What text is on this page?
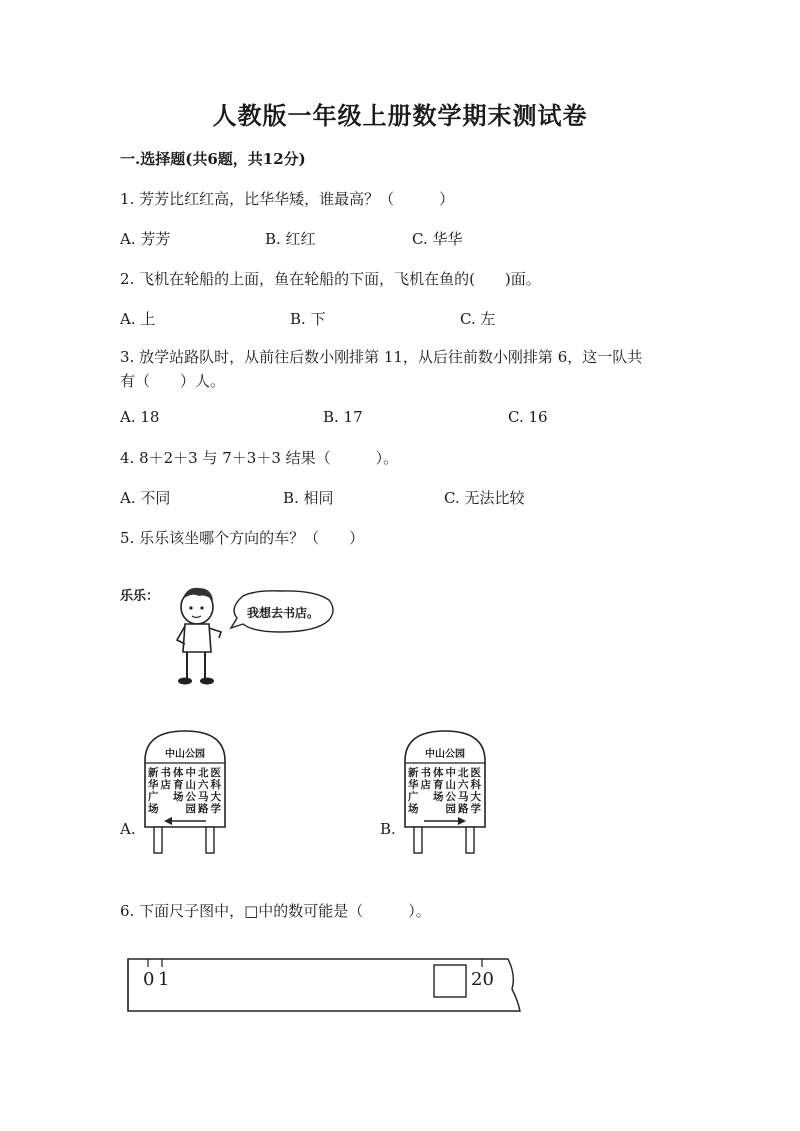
人教版一年级上册数学期末测试卷
一.选择题(共6题，共12分)
1. 芳芳比红红高，比华华矮，谁最高？（　　　）
A. 芳芳	B. 红红	C. 华华
2. 飞机在轮船的上面，鱼在轮船的下面，飞机在鱼的(　　)面。
A. 上	B. 下	C. 左
3. 放学站路队时，从前往后数小刚排第 11，从后往前数小刚排第 6，这一队共
有（　　）人。
A. 18	B. 17	C. 16
4. 8＋2＋3 与 7＋3＋3 结果（　　　）。
A. 不同	B. 相同	C. 无法比较
5. 乐乐该坐哪个方向的车？（　　）
乐乐：
我想去书店。
A.
中山公园
新华广场
书店
体育场
中山公园
北六马路
医科大学
B.
中山公园
新华广场
书店
体育场
中山公园
北六马路
医科大学
6. 下面尺子图中，□中的数可能是（　　　）。
0 1	20
